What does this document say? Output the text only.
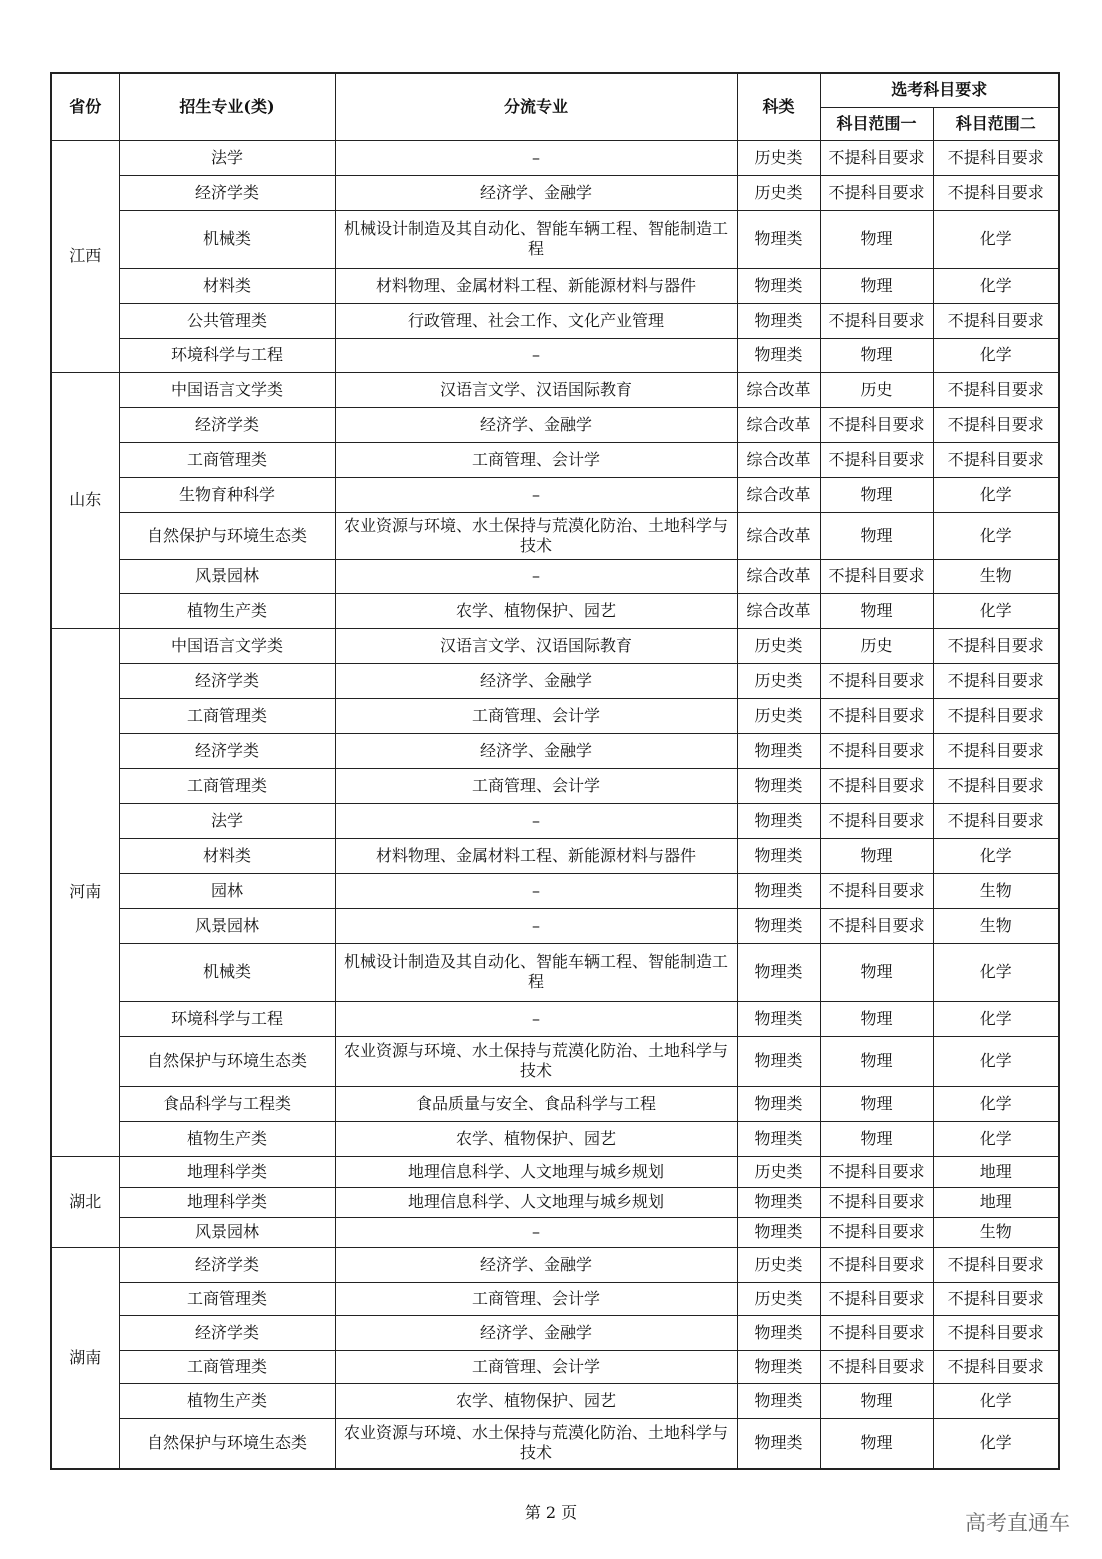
省份	招生专业(类)	分流专业	科类	选考科目要求	
				科目范围一	科目范围二
江西	法学	–	历史类	不提科目要求	不提科目要求
	经济学类	经济学、金融学	历史类	不提科目要求	不提科目要求
	机械类	机械设计制造及其自动化、智能车辆工程、智能制造工程	物理类	物理	化学
	材料类	材料物理、金属材料工程、新能源材料与器件	物理类	物理	化学
	公共管理类	行政管理、社会工作、文化产业管理	物理类	不提科目要求	不提科目要求
	环境科学与工程	–	物理类	物理	化学
山东	中国语言文学类	汉语言文学、汉语国际教育	综合改革	历史	不提科目要求
	经济学类	经济学、金融学	综合改革	不提科目要求	不提科目要求
	工商管理类	工商管理、会计学	综合改革	不提科目要求	不提科目要求
	生物育种科学	–	综合改革	物理	化学
	自然保护与环境生态类	农业资源与环境、水土保持与荒漠化防治、土地科学与技术	综合改革	物理	化学
	风景园林	–	综合改革	不提科目要求	生物
	植物生产类	农学、植物保护、园艺	综合改革	物理	化学
河南	中国语言文学类	汉语言文学、汉语国际教育	历史类	历史	不提科目要求
	经济学类	经济学、金融学	历史类	不提科目要求	不提科目要求
	工商管理类	工商管理、会计学	历史类	不提科目要求	不提科目要求
	经济学类	经济学、金融学	物理类	不提科目要求	不提科目要求
	工商管理类	工商管理、会计学	物理类	不提科目要求	不提科目要求
	法学	–	物理类	不提科目要求	不提科目要求
	材料类	材料物理、金属材料工程、新能源材料与器件	物理类	物理	化学
	园林	–	物理类	不提科目要求	生物
	风景园林	–	物理类	不提科目要求	生物
	机械类	机械设计制造及其自动化、智能车辆工程、智能制造工程	物理类	物理	化学
	环境科学与工程	–	物理类	物理	化学
	自然保护与环境生态类	农业资源与环境、水土保持与荒漠化防治、土地科学与技术	物理类	物理	化学
	食品科学与工程类	食品质量与安全、食品科学与工程	物理类	物理	化学
	植物生产类	农学、植物保护、园艺	物理类	物理	化学
湖北	地理科学类	地理信息科学、人文地理与城乡规划	历史类	不提科目要求	地理
	地理科学类	地理信息科学、人文地理与城乡规划	物理类	不提科目要求	地理
	风景园林	–	物理类	不提科目要求	生物
湖南	经济学类	经济学、金融学	历史类	不提科目要求	不提科目要求
	工商管理类	工商管理、会计学	历史类	不提科目要求	不提科目要求
	经济学类	经济学、金融学	物理类	不提科目要求	不提科目要求
	工商管理类	工商管理、会计学	物理类	不提科目要求	不提科目要求
	植物生产类	农学、植物保护、园艺	物理类	物理	化学
	自然保护与环境生态类	农业资源与环境、水土保持与荒漠化防治、土地科学与技术	物理类	物理	化学
第 2 页	高考直通车
